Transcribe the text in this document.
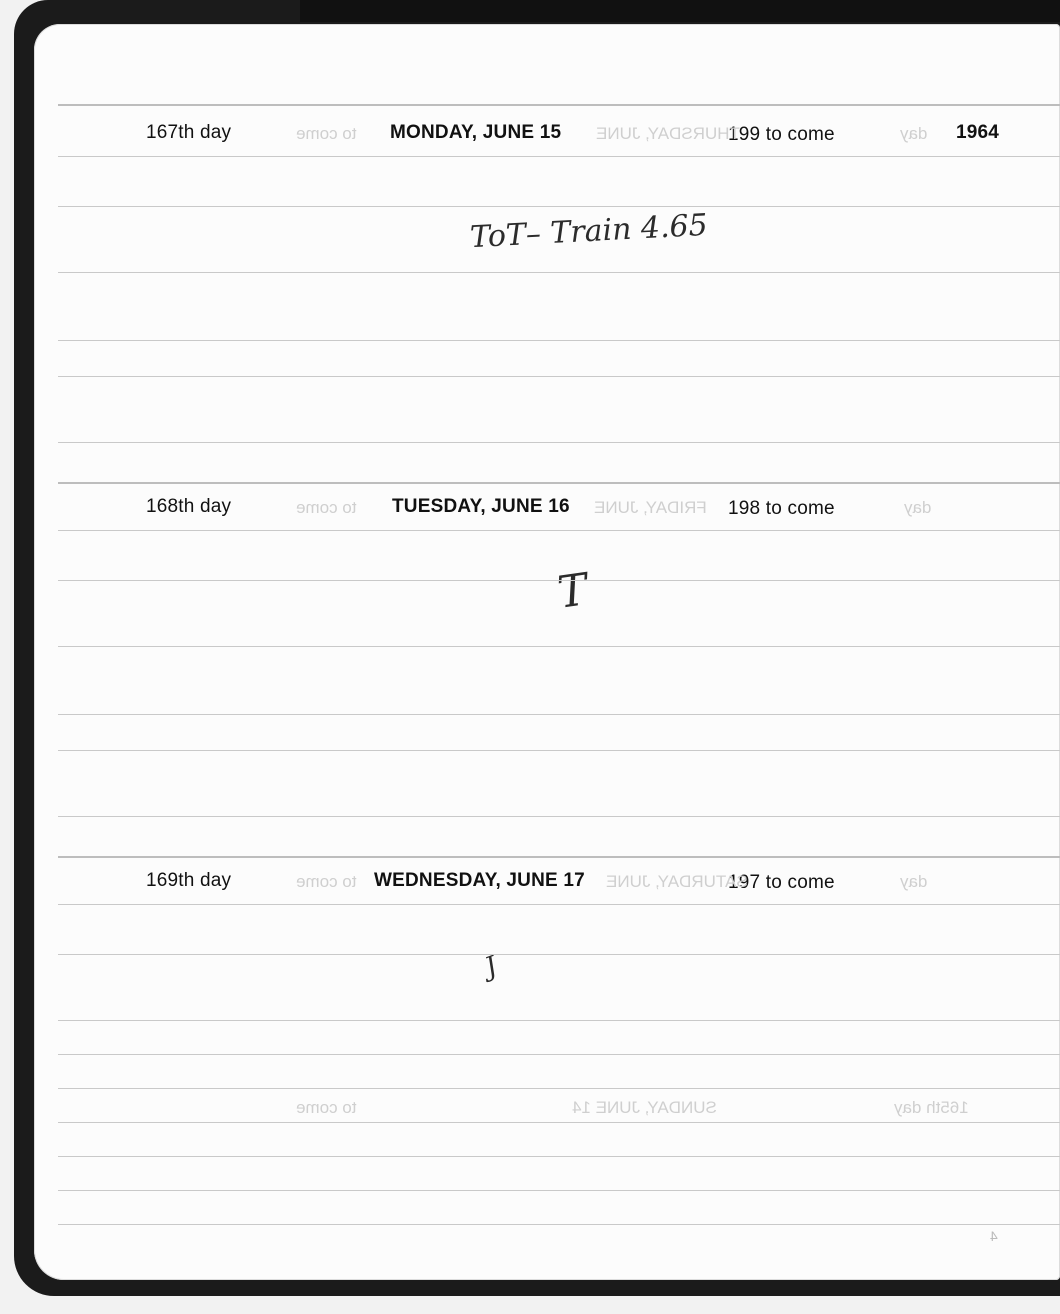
167th day	MONDAY, JUNE 15	199 to come	1964
to come	THURSDAY, JUNE	day
ToT– Train 4.65
168th day	TUESDAY, JUNE 16	198 to come
to come	FRIDAY, JUNE	day
T
169th day	WEDNESDAY, JUNE 17	197 to come
to come	SATURDAY, JUNE	day
J
to come	SUNDAY, JUNE 14	165th day
4
